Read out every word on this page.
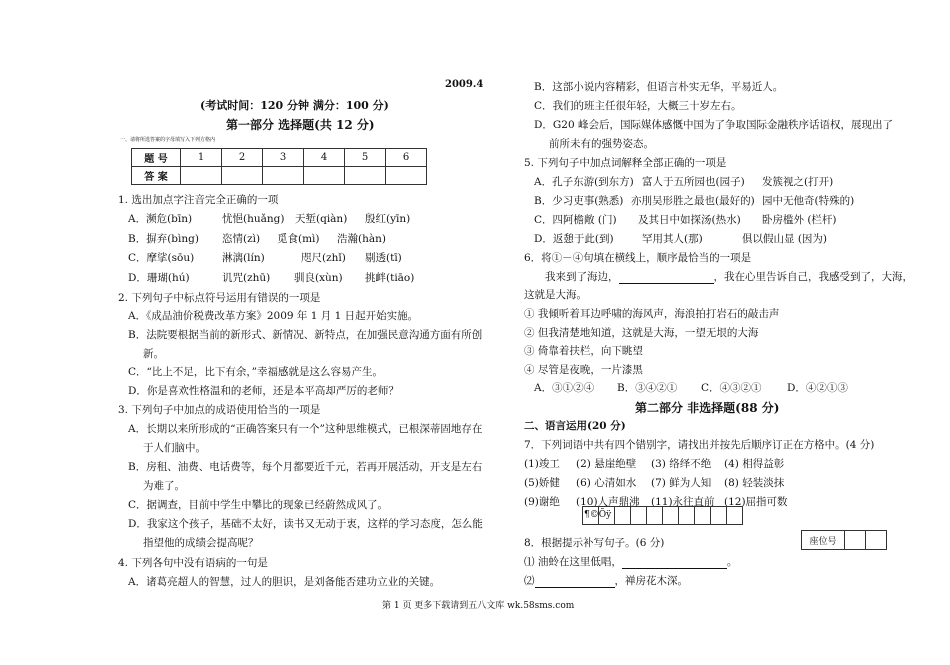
2009.4
(考试时间：120 分钟 满分：100 分)
第一部分 选择题(共 12 分)
一、请将所选答案的字母填写入下列方格内
题 号	1	2	3	4	5	6
答 案						
1. 选出加点字注音完全正确的一项
A．濒危(bīn)	忧悒(huǎng) 天堑(qiàn) 殷红(yīn)
B．摒弃(bìng) 恣情(zì) 觅食(mì) 浩瀚(hàn)
C．摩挲(sōu)	淋漓(lín)	咫尺(zhǐ) 剔透(tī)
D．珊瑚(hú)	讥咒(zhū) 驯良(xùn) 挑衅(tiāo)
2. 下列句子中标点符号运用有错误的一项是
A．《成品油价税费改革方案》2009 年 1 月 1 日起开始实施。
B．法院要根据当前的新形式、新情况、新特点，在加强民意沟通方面有所创
新。
C．“比上不足，比下有余，”幸福感就是这么容易产生。
D．你是喜欢性格温和的老师，还是本平高却严厉的老师？
3. 下列句子中加点的成语使用恰当的一项是
A．长期以来所形成的“正确答案只有一个”这种思维模式，已根深蒂固地存在
于人们脑中。
B．房租、油费、电话费等，每个月都要近千元，若再开展活动，开支是左右
为难了。
C．据调查，目前中学生中攀比的现象已经蔚然成风了。
D．我家这个孩子，基础不太好，读书又无动于衷，这样的学习态度，怎么能
指望他的成绩会提高呢？
4. 下列各句中没有语病的一句是
A．诸葛亮超人的智慧，过人的胆识，是刘备能否建功立业的关键。
B．这部小说内容精彩，但语言朴实无华，平易近人。
C．我们的班主任很年轻，大概三十岁左右。
D．G20 峰会后，国际媒体感慨中国为了争取国际金融秩序话语权，展现出了
前所未有的强势姿态。
5. 下列句子中加点词解释全部正确的一项是
A．孔子东游(到东方) 富人于五所园也(园子) 发簇视之(打开)
B．少习吏事(熟悉) 亦刖吴形胜之最也(最好的) 园中无他奇(特殊的)
C．四阿檐敞 (门) 及其日中如探汤(热水) 卧房槛外 (栏杆)
D．返憩于此(到)	罕用其人(那)	俱以假山显 (因为)
6．将①－④句填在横线上，顺序最恰当的一项是
我来到了海边，	，我在心里告诉自己，我感受到了，大海，
这就是大海。
① 我倾听着耳边呼啸的海风声，海浪拍打岩石的敲击声
② 但我清楚地知道，这就是大海，一望无垠的大海
③ 倚靠着扶栏，向下眺望
④ 尽管是夜晚，一片漆黑
A．③①②④ B．③④②① C．④③②① D．④②①③
第二部分 非选择题(88 分)
二、语言运用(20 分)
7．下列词语中共有四个错别字，请找出并按先后顺序订正在方格中。(4 分)
(1)竣工 (2) 悬崖绝壁 (3) 络绎不绝 (4) 相得益彰
(5)娇健 (6) 心清如水 (7) 鲜为人知 (8) 轻装淡抹
(9)谢绝 (10)人声鼎沸 (11)永往直前 (12)屈指可数
¶©Õÿ
8．根据提示补写句子。(6 分)
⑴ 油蛉在这里低唱，	。
⑵	，禅房花木深。
座位号		
第 1 页 更多下载请到五八文库 wk.58sms.com
